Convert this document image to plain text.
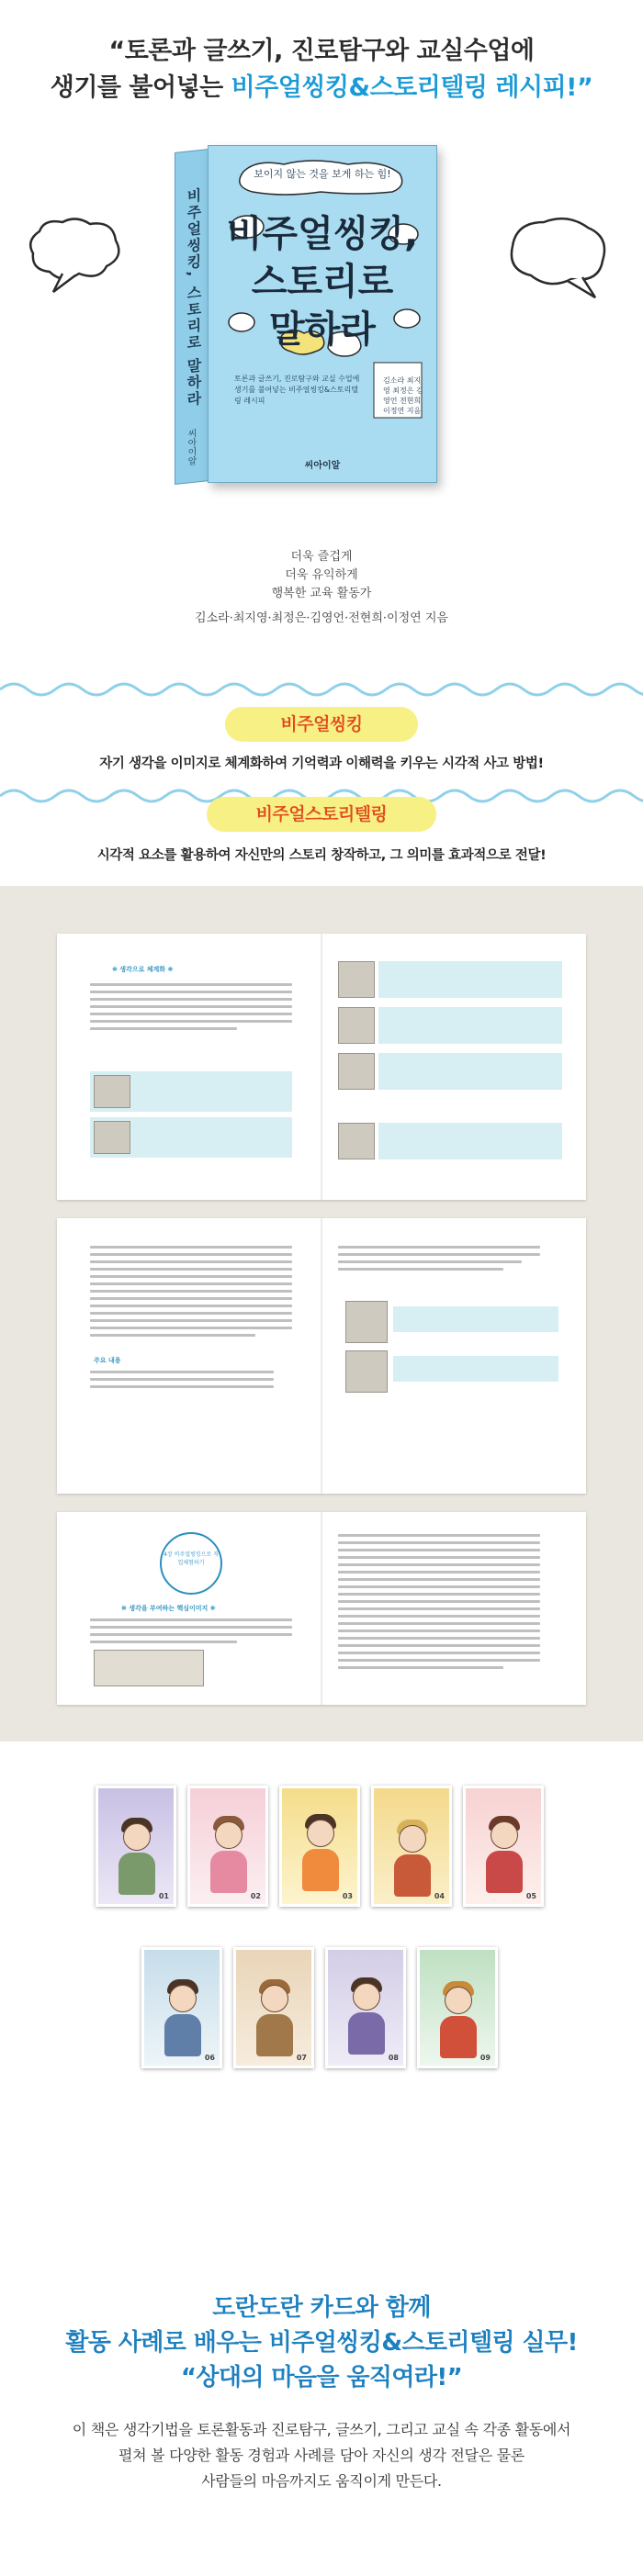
“토론과 글쓰기, 진로탐구와 교실수업에
생기를 불어넣는 비주얼씽킹&스토리텔링 레시피!”
비주얼씽킹, 스토리로 말하라
씨아이알
보이지 않는 것을 보게 하는 힘!
비주얼씽킹,
스토리로
말하라
토론과 글쓰기, 진로탐구와 교실 수업에 생기를 불어넣는 비주얼씽킹&스토리텔링 레시피
김소라 최지영 최정은 김영언 전현희 이정연 지음
씨아이알
더욱 즐겁게
더욱 유익하게
행복한 교육 활동가
김소라·최지영·최정은·김영언·전현희·이정연 지음
비주얼씽킹
자기 생각을 이미지로 체계화하여 기억력과 이해력을 키우는 시각적 사고 방법!
비주얼스토리텔링
시각적 요소를 활용하여 자신만의 스토리 창작하고, 그 의미를 효과적으로 전달!
❋ 생각으로 체계화 ❋
주요 내용
4장 비주얼씽킹으로 직업체험하기
❋ 생각을 부여하는 핵심이미지 ❋
01	02	03	04	05
06	07	08	09
도란도란 카드와 함께
활동 사례로 배우는 비주얼씽킹&스토리텔링 실무!
“상대의 마음을 움직여라!”
이 책은 생각기법을 토론활동과 진로탐구, 글쓰기, 그리고 교실 속 각종 활동에서
펼쳐 볼 다양한 활동 경험과 사례를 담아 자신의 생각 전달은 물론
사람들의 마음까지도 움직이게 만든다.
